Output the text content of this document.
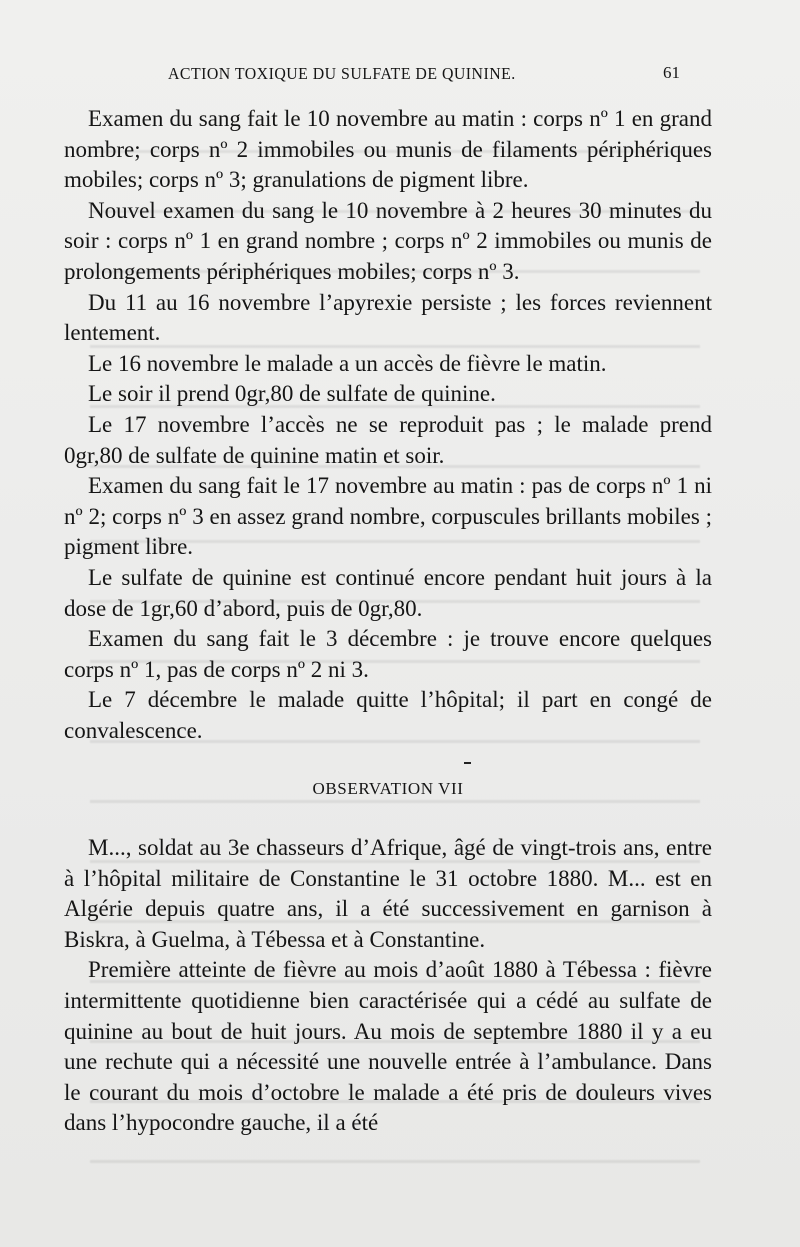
ACTION TOXIQUE DU SULFATE DE QUININE.	61

Examen du sang fait le 10 novembre au matin : corps nº 1 en grand nombre; corps nº 2 immobiles ou munis de filaments périphériques mobiles; corps nº 3; granulations de pigment libre.

Nouvel examen du sang le 10 novembre à 2 heures 30 minutes du soir : corps nº 1 en grand nombre ; corps nº 2 immobiles ou munis de prolongements périphériques mobiles; corps nº 3.

Du 11 au 16 novembre l’apyrexie persiste ; les forces reviennent lentement.

Le 16 novembre le malade a un accès de fièvre le matin.

Le soir il prend 0gr,80 de sulfate de quinine.

Le 17 novembre l’accès ne se reproduit pas ; le malade prend 0gr,80 de sulfate de quinine matin et soir.

Examen du sang fait le 17 novembre au matin : pas de corps nº 1 ni nº 2; corps nº 3 en assez grand nombre, corpuscules brillants mobiles ; pigment libre.

Le sulfate de quinine est continué encore pendant huit jours à la dose de 1gr,60 d’abord, puis de 0gr,80.

Examen du sang fait le 3 décembre : je trouve encore quelques corps nº 1, pas de corps nº 2 ni 3.

Le 7 décembre le malade quitte l’hôpital; il part en congé de convalescence.

OBSERVATION VII

M..., soldat au 3e chasseurs d’Afrique, âgé de vingt-trois ans, entre à l’hôpital militaire de Constantine le 31 octobre 1880. M... est en Algérie depuis quatre ans, il a été successivement en garnison à Biskra, à Guelma, à Tébessa et à Constantine.

Première atteinte de fièvre au mois d’août 1880 à Tébessa : fièvre intermittente quotidienne bien caractérisée qui a cédé au sulfate de quinine au bout de huit jours. Au mois de septembre 1880 il y a eu une rechute qui a nécessité une nouvelle entrée à l’ambulance. Dans le courant du mois d’octobre le malade a été pris de douleurs vives dans l’hypocondre gauche, il a été
